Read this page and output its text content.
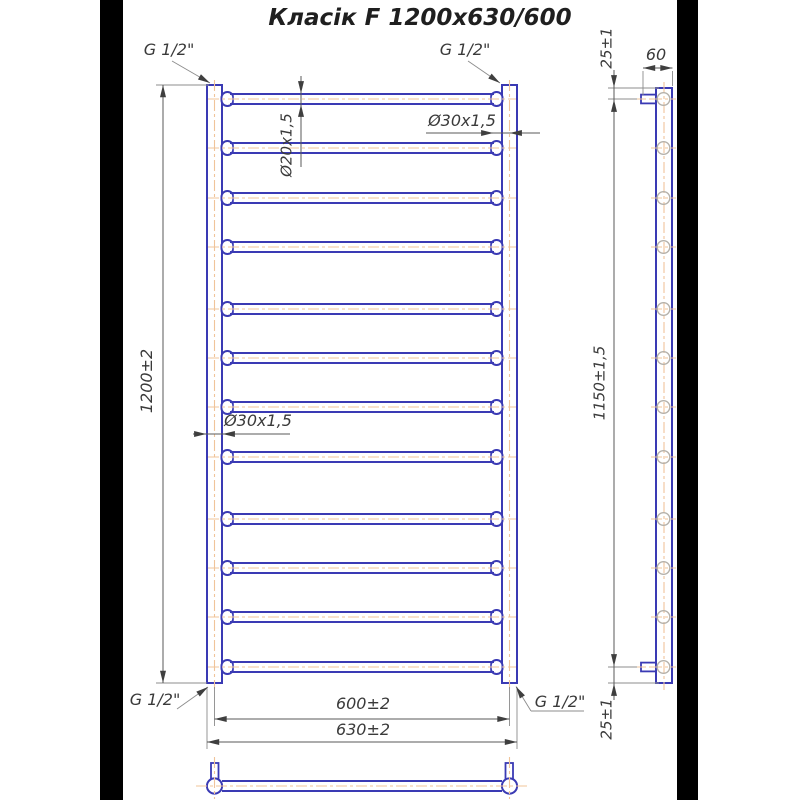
Класік F 1200x630/600
G 1/2"	G 1/2"
G 1/2"	G 1/2"
Ø20x1,5	Ø30x1,5
Ø30x1,5
1200±2
600±2
630±2
25±1 60
1150±1,5
25±1
